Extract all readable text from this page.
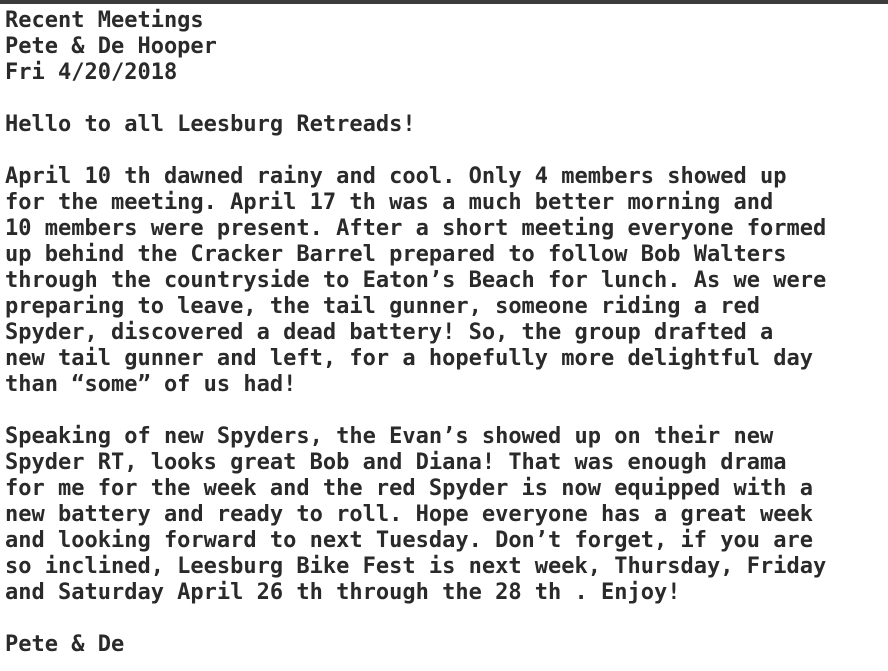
Recent Meetings
Pete & De Hooper
Fri 4/20/2018
Hello to all Leesburg Retreads!
April 10 th dawned rainy and cool. Only 4 members showed up
for the meeting. April 17 th was a much better morning and
10 members were present. After a short meeting everyone formed
up behind the Cracker Barrel prepared to follow Bob Walters
through the countryside to Eaton’s Beach for lunch. As we were
preparing to leave, the tail gunner, someone riding a red
Spyder, discovered a dead battery! So, the group drafted a
new tail gunner and left, for a hopefully more delightful day
than “some” of us had!
Speaking of new Spyders, the Evan’s showed up on their new
Spyder RT, looks great Bob and Diana! That was enough drama
for me for the week and the red Spyder is now equipped with a
new battery and ready to roll. Hope everyone has a great week
and looking forward to next Tuesday. Don’t forget, if you are
so inclined, Leesburg Bike Fest is next week, Thursday, Friday
and Saturday April 26 th through the 28 th . Enjoy!
Pete & De
